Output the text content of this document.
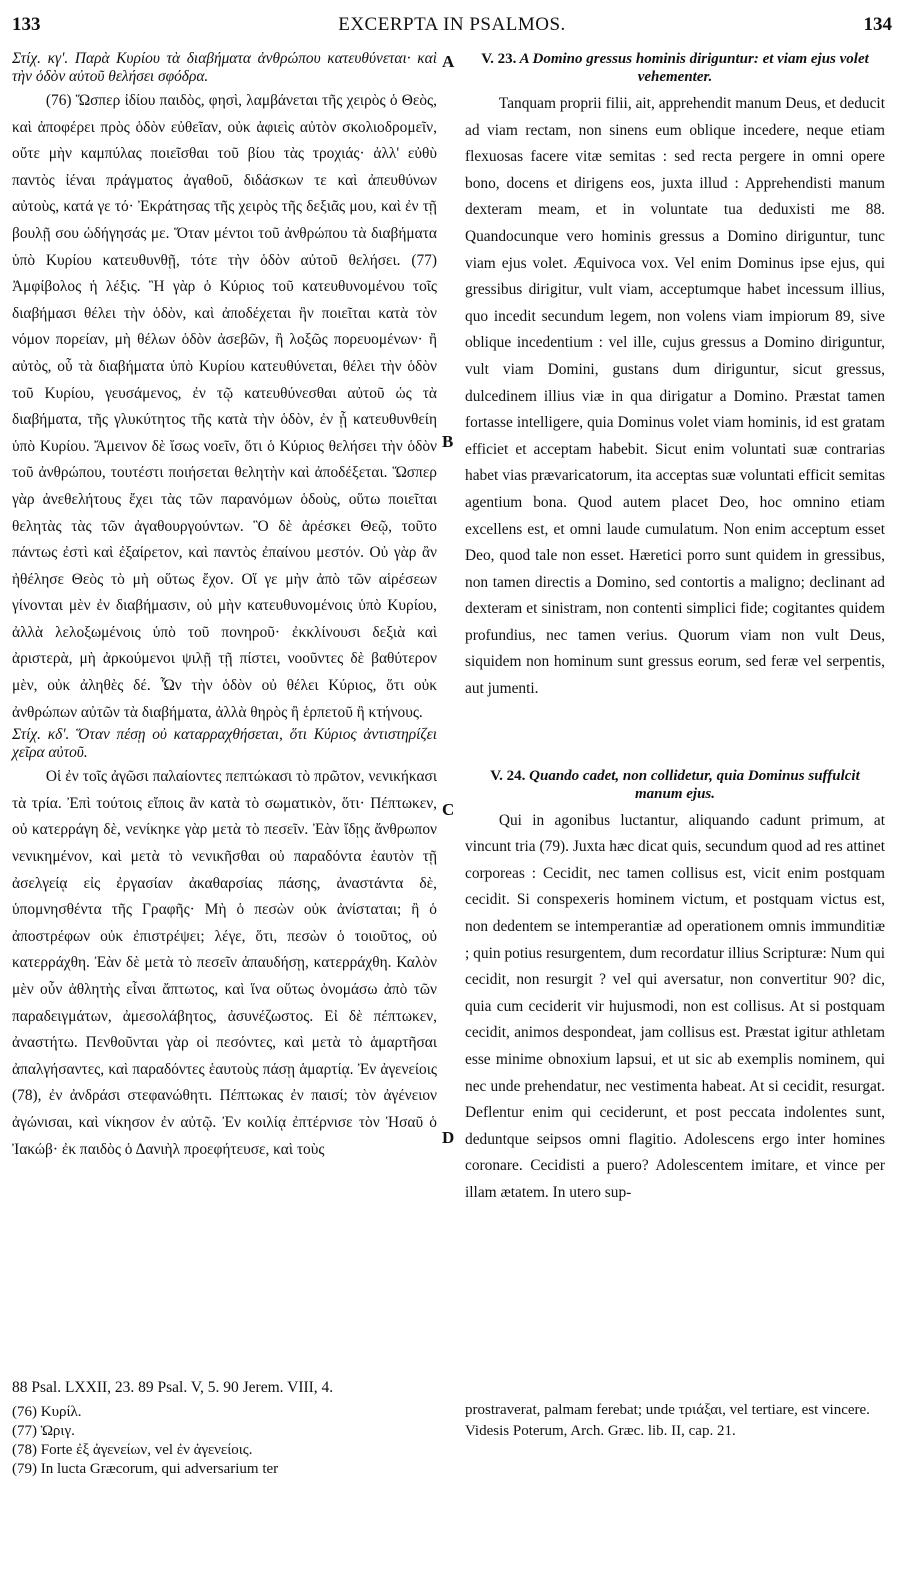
133	EXCERPTA IN PSALMOS.	134
A
B
C
D
Στίχ. κγ'. Παρὰ Κυρίου τὰ διαβήματα ἀνθρώπου κατευθύνεται· καὶ τὴν ὁδὸν αὐτοῦ θελήσει σφόδρα.

(76) Ὥσπερ ἰδίου παιδὸς, φησὶ, λαμβάνεται τῆς χειρὸς ὁ Θεὸς, καὶ ἀποφέρει πρὸς ὁδὸν εὐθεῖαν, οὐκ ἀφιεὶς αὐτὸν σκολιοδρομεῖν, οὔτε μὴν καμπύλας ποιεῖσθαι τοῦ βίου τὰς τροχιάς· ἀλλ' εὐθὺ παντὸς ἰέναι πράγματος ἀγαθοῦ, διδάσκων τε καὶ ἀπευθύνων αὐτοὺς, κατά γε τό· Ἐκράτησας τῆς χειρὸς τῆς δεξιᾶς μου, καὶ ἐν τῇ βουλῇ σου ὡδήγησάς με. Ὅταν μέντοι τοῦ ἀνθρώπου τὰ διαβήματα ὑπὸ Κυρίου κατευθυνθῇ, τότε τὴν ὁδὸν αὐτοῦ θελήσει. (77) Ἀμφίβολος ἡ λέξις. Ἢ γὰρ ὁ Κύριος τοῦ κατευθυνομένου τοῖς διαβήμασι θέλει τὴν ὁδὸν, καὶ ἀποδέχεται ἣν ποιεῖται κατὰ τὸν νόμον πορείαν, μὴ θέλων ὁδὸν ἀσεβῶν, ἢ λοξῶς πορευομένων· ἢ αὐτὸς, οὗ τὰ διαβήματα ὑπὸ Κυρίου κατευθύνεται, θέλει τὴν ὁδὸν τοῦ Κυρίου, γευσάμενος, ἐν τῷ κατευθύνεσθαι αὐτοῦ ὡς τὰ διαβήματα, τῆς γλυκύτητος τῆς κατὰ τὴν ὁδὸν, ἐν ᾗ κατευθυνθείη ὑπὸ Κυρίου. Ἄμεινον δὲ ἴσως νοεῖν, ὅτι ὁ Κύριος θελήσει τὴν ὁδὸν τοῦ ἀνθρώπου, τουτέστι ποιήσεται θελητὴν καὶ ἀποδέξεται. Ὥσπερ γὰρ ἀνεθελήτους ἔχει τὰς τῶν παρανόμων ὁδοὺς, οὕτω ποιεῖται θελητὰς τὰς τῶν ἀγαθουργούντων. Ὃ δὲ ἀρέσκει Θεῷ, τοῦτο πάντως ἐστὶ καὶ ἐξαίρετον, καὶ παντὸς ἐπαίνου μεστόν. Οὐ γὰρ ἂν ἠθέλησε Θεὸς τὸ μὴ οὕτως ἔχον. Οἵ γε μὴν ἀπὸ τῶν αἱρέσεων γίνονται μὲν ἐν διαβήμασιν, οὐ μὴν κατευθυνομένοις ὑπὸ Κυρίου, ἀλλὰ λελοξωμένοις ὑπὸ τοῦ πονηροῦ· ἐκκλίνουσι δεξιὰ καὶ ἀριστερὰ, μὴ ἀρκούμενοι ψιλῇ τῇ πίστει, νοοῦντες δὲ βαθύτερον μὲν, οὐκ ἀληθὲς δέ. Ὧν τὴν ὁδὸν οὐ θέλει Κύριος, ὅτι οὐκ ἀνθρώπων αὐτῶν τὰ διαβήματα, ἀλλὰ θηρὸς ἢ ἑρπετοῦ ἢ κτήνους.

Στίχ. κδ'. Ὅταν πέσῃ οὐ καταρραχθήσεται, ὅτι Κύριος ἀντιστηρίζει χεῖρα αὐτοῦ.

Οἱ ἐν τοῖς ἀγῶσι παλαίοντες πεπτώκασι τὸ πρῶτον, νενικήκασι τὰ τρία. Ἐπὶ τούτοις εἴποις ἂν κατὰ τὸ σωματικὸν, ὅτι· Πέπτωκεν, οὐ κατερράγη δὲ, νενίκηκε γὰρ μετὰ τὸ πεσεῖν. Ἐὰν ἴδῃς ἄνθρωπον νενικημένον, καὶ μετὰ τὸ νενικῆσθαι οὐ παραδόντα ἑαυτὸν τῇ ἀσελγείᾳ εἰς ἐργασίαν ἀκαθαρσίας πάσης, ἀναστάντα δὲ, ὑπομνησθέντα τῆς Γραφῆς· Μὴ ὁ πεσὼν οὐκ ἀνίσταται; ἢ ὁ ἀποστρέφων οὐκ ἐπιστρέψει; λέγε, ὅτι, πεσὼν ὁ τοιοῦτος, οὐ κατερράχθη. Ἐὰν δὲ μετὰ τὸ πεσεῖν ἀπαυδήσῃ, κατερράχθη. Καλὸν μὲν οὖν ἀθλητὴς εἶναι ἄπτωτος, καὶ ἵνα οὕτως ὀνομάσω ἀπὸ τῶν παραδειγμάτων, ἀμεσολάβητος, ἀσυνέζωστος. Εἰ δὲ πέπτωκεν, ἀναστήτω. Πενθοῦνται γὰρ οἱ πεσόντες, καὶ μετὰ τὸ ἁμαρτῆσαι ἀπαλγήσαντες, καὶ παραδόντες ἑαυτοὺς πάσῃ ἁμαρτίᾳ. Ἐν ἀγενείοις (78), ἐν ἀνδράσι στεφανώθητι. Πέπτωκας ἐν παισί; τὸν ἀγένειον ἀγώνισαι, καὶ νίκησον ἐν αὐτῷ. Ἐν κοιλίᾳ ἐπτέρνισε τὸν Ἡσαῦ ὁ Ἰακώβ· ἐκ παιδὸς ὁ Δανιὴλ προεφήτευσε, καὶ τοὺς

V. 23. A Domino gressus hominis diriguntur: et viam ejus volet vehementer.

Tanquam proprii filii, ait, apprehendit manum Deus, et deducit ad viam rectam, non sinens eum oblique incedere, neque etiam flexuosas facere vitæ semitas : sed recta pergere in omni opere bono, docens et dirigens eos, juxta illud : Apprehendisti manum dexteram meam, et in voluntate tua deduxisti me 88. Quandocunque vero hominis gressus a Domino diriguntur, tunc viam ejus volet. Æquivoca vox. Vel enim Dominus ipse ejus, qui gressibus dirigitur, vult viam, acceptumque habet incessum illius, quo incedit secundum legem, non volens viam impiorum 89, sive oblique incedentium : vel ille, cujus gressus a Domino diriguntur, vult viam Domini, gustans dum diriguntur, sicut gressus, dulcedinem illius viæ in qua dirigatur a Domino. Præstat tamen fortasse intelligere, quia Dominus volet viam hominis, id est gratam efficiet et acceptam habebit. Sicut enim voluntati suæ contrarias habet vias prævaricatorum, ita acceptas suæ voluntati efficit semitas agentium bona. Quod autem placet Deo, hoc omnino etiam excellens est, et omni laude cumulatum. Non enim acceptum esset Deo, quod tale non esset. Hæretici porro sunt quidem in gressibus, non tamen directis a Domino, sed contortis a maligno; declinant ad dexteram et sinistram, non contenti simplici fide; cogitantes quidem profundius, nec tamen verius. Quorum viam non vult Deus, siquidem non hominum sunt gressus eorum, sed feræ vel serpentis, aut jumenti.

V. 24. Quando cadet, non collidetur, quia Dominus suffulcit manum ejus.

Qui in agonibus luctantur, aliquando cadunt primum, at vincunt tria (79). Juxta hæc dicat quis, secundum quod ad res attinet corporeas : Cecidit, nec tamen collisus est, vicit enim postquam cecidit. Si conspexeris hominem victum, et postquam victus est, non dedentem se intemperantiæ ad operationem omnis immunditiæ ; quin potius resurgentem, dum recordatur illius Scripturæ: Num qui cecidit, non resurgit ? vel qui aversatur, non convertitur 90? dic, quia cum ceciderit vir hujusmodi, non est collisus. At si postquam cecidit, animos despondeat, jam collisus est. Præstat igitur athletam esse minime obnoxium lapsui, et ut sic ab exemplis nominem, qui nec unde prehendatur, nec vestimenta habeat. At si cecidit, resurgat. Deflentur enim qui ceciderunt, et post peccata indolentes sunt, deduntque seipsos omni flagitio. Adolescens ergo inter homines coronare. Cecidisti a puero? Adolescentem imitare, et vince per illam ætatem. In utero sup-

88 Psal. LXXII, 23. 89 Psal. V, 5. 90 Jerem. VIII, 4.
(76) Κυρίλ.
(77) Ὡριγ.
(78) Forte ἐξ ἀγενείων, vel ἐν ἀγενείοις.
(79) In lucta Græcorum, qui adversarium ter
prostraverat, palmam ferebat; unde τριάξαι, vel tertiare, est vincere. Videsis Poterum, Arch. Græc. lib. II, cap. 21.
